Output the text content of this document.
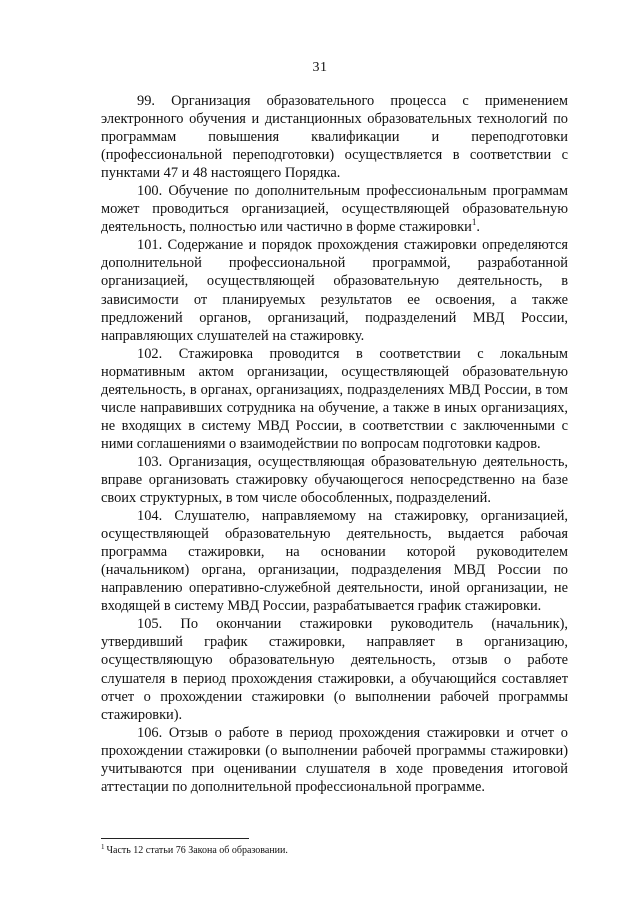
31

99. Организация образовательного процесса с применением электронного обучения и дистанционных образовательных технологий по программам повышения квалификации и переподготовки (профессиональной переподготовки) осуществляется в соответствии с пунктами 47 и 48 настоящего Порядка.

100. Обучение по дополнительным профессиональным программам может проводиться организацией, осуществляющей образовательную деятельность, полностью или частично в форме стажировки$^1$.

101. Содержание и порядок прохождения стажировки определяются дополнительной профессиональной программой, разработанной организацией, осуществляющей образовательную деятельность, в зависимости от планируемых результатов ее освоения, а также предложений органов, организаций, подразделений МВД России, направляющих слушателей на стажировку.

102. Стажировка проводится в соответствии с локальным нормативным актом организации, осуществляющей образовательную деятельность, в органах, организациях, подразделениях МВД России, в том числе направивших сотрудника на обучение, а также в иных организациях, не входящих в систему МВД России, в соответствии с заключенными с ними соглашениями о взаимодействии по вопросам подготовки кадров.

103. Организация, осуществляющая образовательную деятельность, вправе организовать стажировку обучающегося непосредственно на базе своих структурных, в том числе обособленных, подразделений.

104. Слушателю, направляемому на стажировку, организацией, осуществляющей образовательную деятельность, выдается рабочая программа стажировки, на основании которой руководителем (начальником) органа, организации, подразделения МВД России по направлению оперативно-служебной деятельности, иной организации, не входящей в систему МВД России, разрабатывается график стажировки.

105. По окончании стажировки руководитель (начальник), утвердивший график стажировки, направляет в организацию, осуществляющую образовательную деятельность, отзыв о работе слушателя в период прохождения стажировки, а обучающийся составляет отчет о прохождении стажировки (о выполнении рабочей программы стажировки).

106. Отзыв о работе в период прохождения стажировки и отчет о прохождении стажировки (о выполнении рабочей программы стажировки) учитываются при оценивании слушателя в ходе проведения итоговой аттестации по дополнительной профессиональной программе.

$^1$ Часть 12 статьи 76 Закона об образовании.
